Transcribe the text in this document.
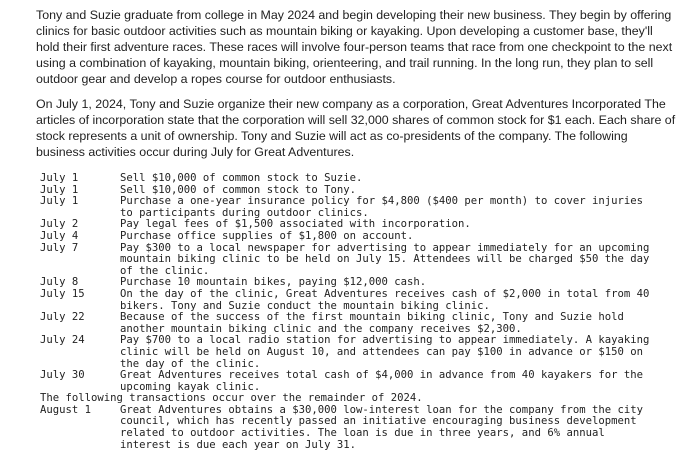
Tony and Suzie graduate from college in May 2024 and begin developing their new business. They begin by offering clinics for basic outdoor activities such as mountain biking or kayaking. Upon developing a customer base, they'll hold their first adventure races. These races will involve four-person teams that race from one checkpoint to the next using a combination of kayaking, mountain biking, orienteering, and trail running. In the long run, they plan to sell outdoor gear and develop a ropes course for outdoor enthusiasts.
On July 1, 2024, Tony and Suzie organize their new company as a corporation, Great Adventures Incorporated The articles of incorporation state that the corporation will sell 32,000 shares of common stock for $1 each. Each share of stock represents a unit of ownership. Tony and Suzie will act as co-presidents of the company. The following business activities occur during July for Great Adventures.
July 1	Sell $10,000 of common stock to Suzie.
July 1	Sell $10,000 of common stock to Tony.
July 1	Purchase a one-year insurance policy for $4,800 ($400 per month) to cover injuries
to participants during outdoor clinics.
July 2	Pay legal fees of $1,500 associated with incorporation.
July 4	Purchase office supplies of $1,800 on account.
July 7	Pay $300 to a local newspaper for advertising to appear immediately for an upcoming
mountain biking clinic to be held on July 15. Attendees will be charged $50 the day
of the clinic.
July 8	Purchase 10 mountain bikes, paying $12,000 cash.
July 15	On the day of the clinic, Great Adventures receives cash of $2,000 in total from 40
bikers. Tony and Suzie conduct the mountain biking clinic.
July 22	Because of the success of the first mountain biking clinic, Tony and Suzie hold
another mountain biking clinic and the company receives $2,300.
July 24	Pay $700 to a local radio station for advertising to appear immediately. A kayaking
clinic will be held on August 10, and attendees can pay $100 in advance or $150 on
the day of the clinic.
July 30	Great Adventures receives total cash of $4,000 in advance from 40 kayakers for the
upcoming kayak clinic.
The following transactions occur over the remainder of 2024.
August 1	Great Adventures obtains a $30,000 low-interest loan for the company from the city
council, which has recently passed an initiative encouraging business development
related to outdoor activities. The loan is due in three years, and 6% annual
interest is due each year on July 31.
